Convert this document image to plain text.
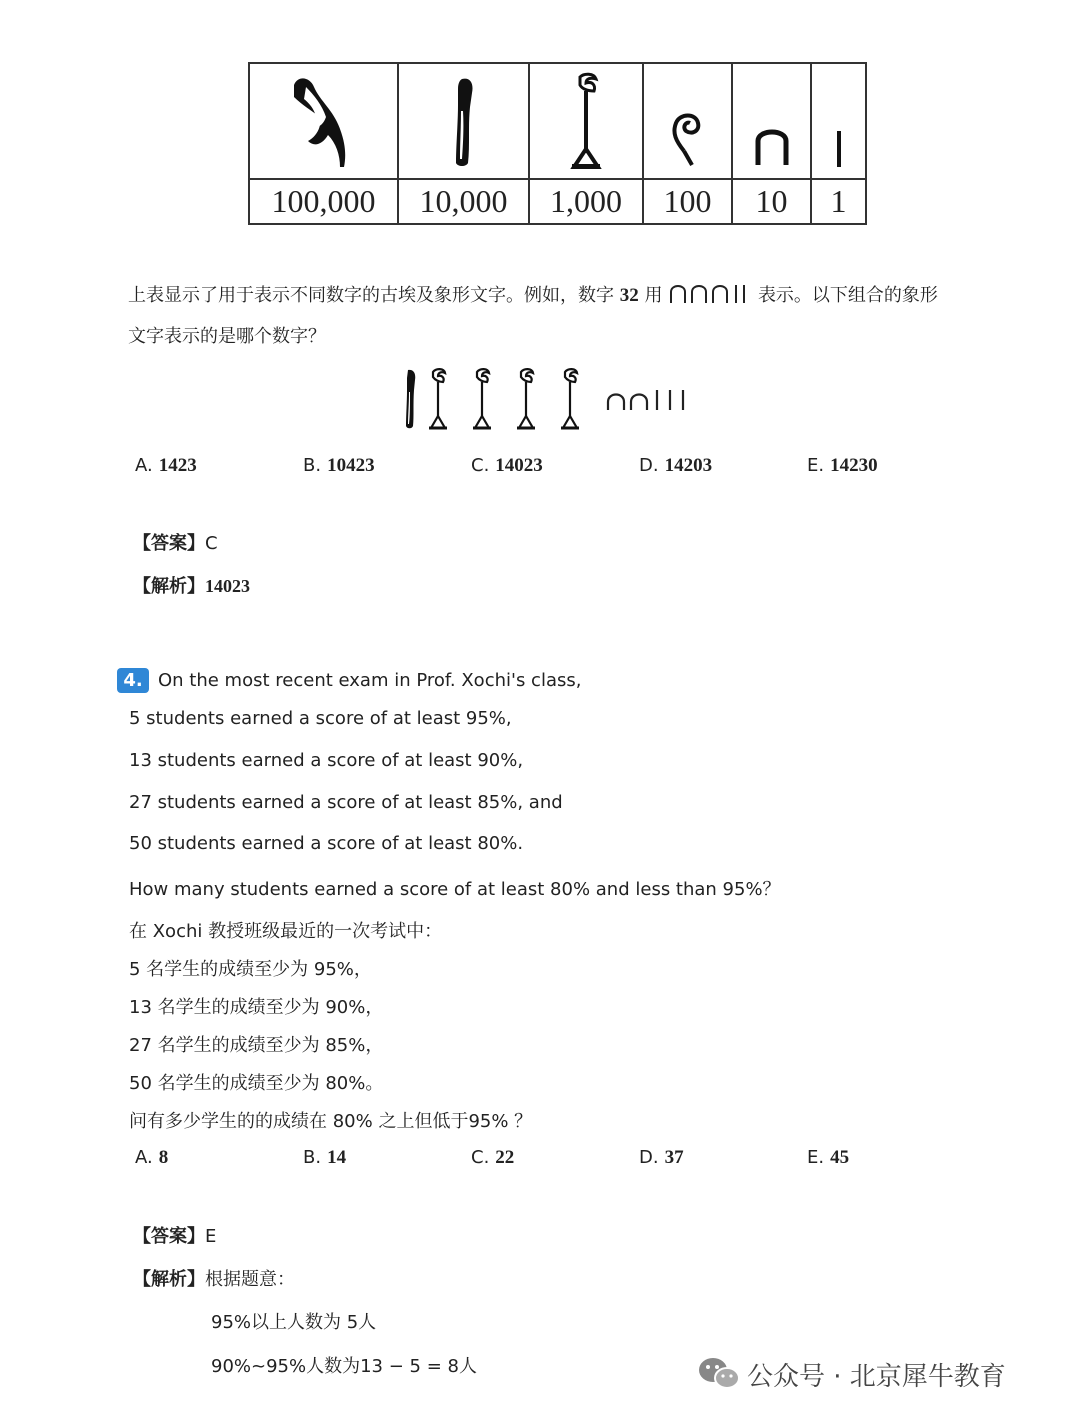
100,000	10,000	1,000	100	10	1
上表显示了用于表示不同数字的古埃及象形文字。例如，数字 32 用	表示。以下组合的象形
文字表示的是哪个数字？
A. 1423	B. 10423	C. 14023	D. 14203	E. 14230
【答案】C
【解析】14023
4. On the most recent exam in Prof. Xochi's class,
5 students earned a score of at least 95%,
13 students earned a score of at least 90%,
27 students earned a score of at least 85%, and
50 students earned a score of at least 80%.
How many students earned a score of at least 80% and less than 95%？
在 Xochi 教授班级最近的一次考试中：
5 名学生的成绩至少为 95%，
13 名学生的成绩至少为 90%，
27 名学生的成绩至少为 85%，
50 名学生的成绩至少为 80%。
问有多少学生的的成绩在 80% 之上但低于95% ？
A. 8	B. 14	C. 22	D. 37	E. 45
【答案】E
【解析】根据题意：
95%以上人数为 5人
90%~95%人数为13 − 5 = 8人	公众号 · 北京犀牛教育
